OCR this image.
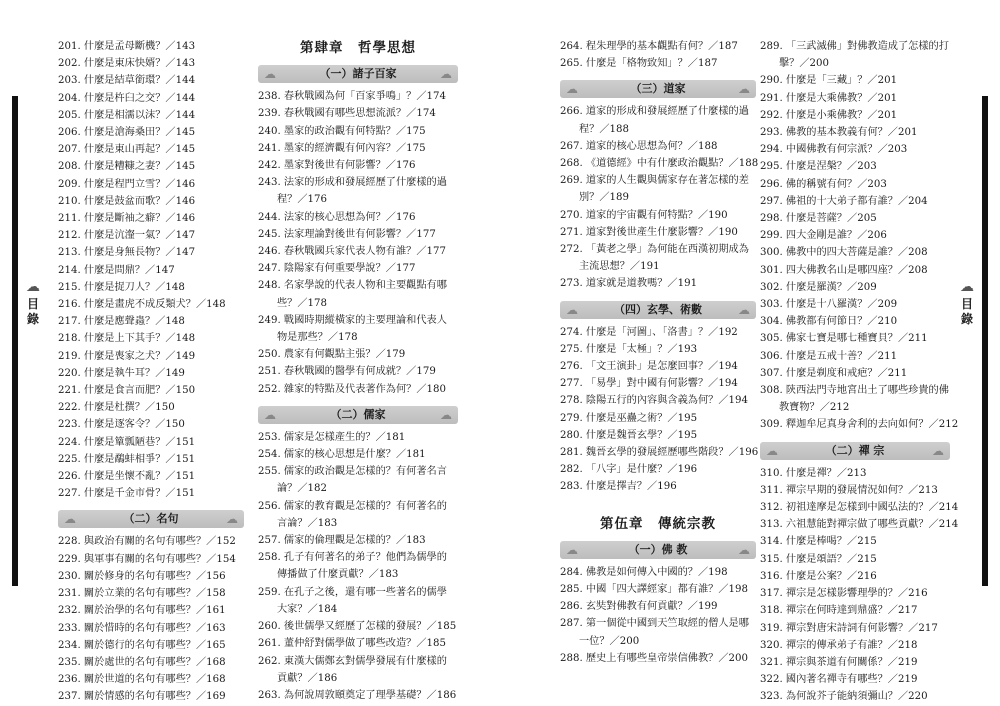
☁
目錄
☁
目錄
201. 什麼是孟母斷機？／143
202. 什麼是東床快婿？／143
203. 什麼是結草銜環？／144
204. 什麼是杵臼之交？／144
205. 什麼是相濡以沫？／144
206. 什麼是滄海桑田？／145
207. 什麼是東山再起？／145
208. 什麼是糟糠之妻？／145
209. 什麼是程門立雪？／146
210. 什麼是鼓盆而歌？／146
211. 什麼是斷袖之癖？／146
212. 什麼是沆瀣一氣？／147
213. 什麼是身無長物？／147
214. 什麼是問鼎？／147
215. 什麼是捉刀人？／148
216. 什麼是畫虎不成反類犬？／148
217. 什麼是應聲蟲？／148
218. 什麼是上下其手？／148
219. 什麼是喪家之犬？／149
220. 什麼是執牛耳？／149
221. 什麼是食言而肥？／150
222. 什麼是杜撰？／150
223. 什麼是逐客令？／150
224. 什麼是簞瓢陋巷？／151
225. 什麼是鷸蚌相爭？／151
226. 什麼是坐懷不亂？／151
227. 什麼是千金市骨？／151
☁	（二）名句	☁
228. 與政治有關的名句有哪些？／152
229. 與軍事有關的名句有哪些？／154
230. 關於修身的名句有哪些？／156
231. 關於立業的名句有哪些？／158
232. 關於治學的名句有哪些？／161
233. 關於惜時的名句有哪些？／163
234. 關於德行的名句有哪些？／165
235. 關於處世的名句有哪些？／168
236. 關於世道的名句有哪些？／168
237. 關於情感的名句有哪些？／169
第肆章　哲學思想
☁	（一）諸子百家	☁
238. 春秋戰國為何「百家爭鳴」？／174
239. 春秋戰國有哪些思想流派？／174
240. 墨家的政治觀有何特點？／175
241. 墨家的經濟觀有何內容？／175
242. 墨家對後世有何影響？／176
243. 法家的形成和發展經歷了什麼樣的過
程？／176
244. 法家的核心思想為何？／176
245. 法家理論對後世有何影響？／177
246. 春秋戰國兵家代表人物有誰？／177
247. 陰陽家有何重要學說？／177
248. 名家學說的代表人物和主要觀點有哪
些？／178
249. 戰國時期縱橫家的主要理論和代表人
物是那些？／178
250. 農家有何觀點主張？／179
251. 春秋戰國的醫學有何成就？／179
252. 雜家的特點及代表著作為何？／180
☁	（二）儒家	☁
253. 儒家是怎樣產生的？／181
254. 儒家的核心思想是什麼？／181
255. 儒家的政治觀是怎樣的？有何著名言
論？／182
256. 儒家的教育觀是怎樣的？有何著名的
言論？／183
257. 儒家的倫理觀是怎樣的？／183
258. 孔子有何著名的弟子？他們為儒學的
傳播做了什麼貢獻？／183
259. 在孔子之後，還有哪一些著名的儒學
大家？／184
260. 後世儒學又經歷了怎樣的發展？／185
261. 董仲舒對儒學做了哪些改造？／185
262. 東漢大儒鄭玄對儒學發展有什麼樣的
貢獻？／186
263. 為何說周敦頤奠定了理學基礎？／186
264. 程朱理學的基本觀點有何？／187
265. 什麼是「格物致知」？／187
☁	（三）道家	☁
266. 道家的形成和發展經歷了什麼樣的過
程？／188
267. 道家的核心思想為何？／188
268. 《道德經》中有什麼政治觀點？／188
269. 道家的人生觀與儒家存在著怎樣的差
別？／189
270. 道家的宇宙觀有何特點？／190
271. 道家對後世產生什麼影響？／190
272. 「黃老之學」為何能在西漢初期成為
主流思想？／191
273. 道家就是道教嗎？／191
☁	（四）玄學、術數	☁
274. 什麼是「河圖」、「洛書」？／192
275. 什麼是「太極」？／193
276. 「文王演卦」是怎麼回事？／194
277. 「易學」對中國有何影響？／194
278. 陰陽五行的內容與含義為何？／194
279. 什麼是巫蠱之術？／195
280. 什麼是魏晉玄學？／195
281. 魏晉玄學的發展經歷哪些階段？／196
282. 「八字」是什麼？／196
283. 什麼是擇吉？／196
第伍章　傳統宗教
☁	（一）佛 教	☁
284. 佛教是如何傳入中國的？／198
285. 中國「四大譯經家」都有誰？／198
286. 玄奘對佛教有何貢獻？／199
287. 第一個從中國到天竺取經的僧人是哪
一位？／200
288. 歷史上有哪些皇帝崇信佛教？／200
289. 「三武滅佛」對佛教造成了怎樣的打
擊？／200
290. 什麼是「三藏」？／201
291. 什麼是大乘佛教？／201
292. 什麼是小乘佛教？／201
293. 佛教的基本教義有何？／201
294. 中國佛教有何宗派？／203
295. 什麼是涅槃？／203
296. 佛的稱號有何？／203
297. 佛祖的十大弟子都有誰？／204
298. 什麼是菩薩？／205
299. 四大金剛是誰？／206
300. 佛教中的四大菩薩是誰？／208
301. 四大佛教名山是哪四座？／208
302. 什麼是羅漢？／209
303. 什麼是十八羅漢？／209
304. 佛教都有何節日？／210
305. 佛家七寶是哪七種寶貝？／211
306. 什麼是五戒十善？／211
307. 什麼是剃度和戒疤？／211
308. 陝西法門寺地宮出土了哪些珍貴的佛
教寶物？／212
309. 釋迦牟尼真身舍利的去向如何？／212
☁	（二）禪 宗	☁
310. 什麼是禪？／213
311. 禪宗早期的發展情況如何？／213
312. 初祖達摩是怎樣到中國弘法的？／214
313. 六祖慧能對禪宗做了哪些貢獻？／214
314. 什麼是棒喝？／215
315. 什麼是頌語？／215
316. 什麼是公案？／216
317. 禪宗是怎樣影響理學的？／216
318. 禪宗在何時達到鼎盛？／217
319. 禪宗對唐宋詩詞有何影響？／217
320. 禪宗的傳承弟子有誰？／218
321. 禪宗與茶道有何關係？／219
322. 國內著名禪寺有哪些？／219
323. 為何說芥子能納須彌山？／220
